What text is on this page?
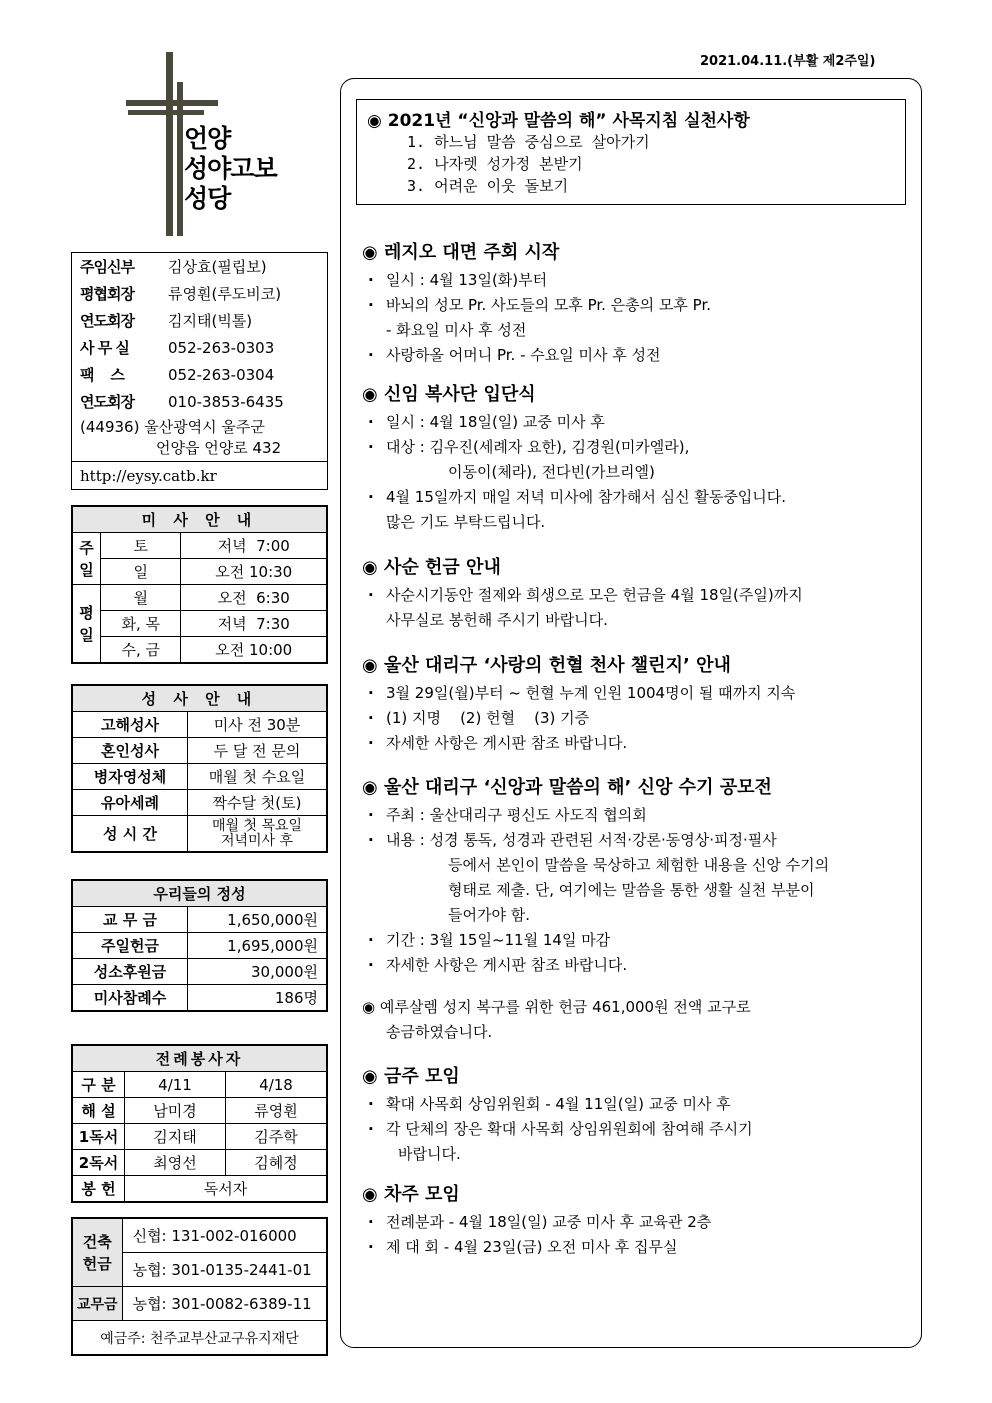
2021.04.11.(부활 제2주일)
언양
성야고보
성당
주임신부	김상효(필립보)
평협회장	류영훤(루도비코)
연도회장	김지태(빅톨)
사 무 실	052-263-0303
팩    스	052-263-0304
연도회장	010-3853-6435
(44936) 울산광역시 울주군
언양읍 언양로 432
http://eysy.catb.kr
미 사 안 내		

주일	토	저녁  7:00
	일	오전 10:30

평일	월	오전  6:30
	화, 목	저녁  7:30
	수, 금	오전 10:00
성 사 안 내	
고해성사	미사 전 30분
혼인성사	두 달 전 문의
병자영성체	매월 첫 수요일
유아세례	짝수달 첫(토)
성 시 간	매월 첫 목요일
저녁미사 후
우리들의 정성	
교 무 금	1,650,000원
주일헌금	1,695,000원
성소후원금	30,000원
미사참례수	186명
전례봉사자		
구 분	4/11	4/18
해 설	남미경	류영훤
1독서	김지태	김주학
2독서	최영선	김혜정
봉 헌	독서자	
건축헌금	신협: 131-002-016000
	농협: 301-0135-2441-01
교무금	농협: 301-0082-6389-11
예금주: 천주교부산교구유지재단	
◉ 2021년 “신앙과 말씀의 해” 사목지침 실천사항
1. 하느님 말씀 중심으로 살아가기
2. 나자렛 성가정 본받기
3. 어려운 이웃 돌보기
◉ 레지오 대면 주회 시작
· 일시 : 4월 13일(화)부터
· 바뇌의 성모 Pr. 사도들의 모후 Pr. 은총의 모후 Pr.
- 화요일 미사 후 성전
· 사랑하올 어머니 Pr. - 수요일 미사 후 성전
◉ 신임 복사단 입단식
· 일시 : 4월 18일(일) 교중 미사 후
· 대상 : 김우진(세례자 요한), 김경원(미카엘라),
이동이(체라), 전다빈(가브리엘)
· 4월 15일까지 매일 저녁 미사에 참가해서 심신 활동중입니다.
많은 기도 부탁드립니다.
◉ 사순 헌금 안내
· 사순시기동안 절제와 희생으로 모은 헌금을 4월 18일(주일)까지
사무실로 봉헌해 주시기 바랍니다.
◉ 울산 대리구 ‘사랑의 헌혈 천사 챌린지’ 안내
· 3월 29일(월)부터 ~ 헌혈 누계 인원 1004명이 될 때까지 지속
· (1) 지명    (2) 헌혈    (3) 기증
· 자세한 사항은 게시판 참조 바랍니다.
◉ 울산 대리구 ‘신앙과 말씀의 해’ 신앙 수기 공모전
· 주최 : 울산대리구 평신도 사도직 협의회
· 내용 : 성경 통독, 성경과 관련된 서적·강론·동영상·피정·필사
등에서 본인이 말씀을 묵상하고 체험한 내용을 신앙 수기의
형태로 제출. 단, 여기에는 말씀을 통한 생활 실천 부분이
들어가야 함.
· 기간 : 3월 15일~11월 14일 마감
· 자세한 사항은 게시판 참조 바랍니다.
◉ 예루살렘 성지 복구를 위한 헌금 461,000원 전액 교구로
송금하였습니다.
◉ 금주 모임
· 확대 사목회 상임위원회 - 4월 11일(일) 교중 미사 후
· 각 단체의 장은 확대 사목회 상임위원회에 참여해 주시기
바랍니다.
◉ 차주 모임
· 전례분과 - 4월 18일(일) 교중 미사 후 교육관 2층
· 제 대 회 - 4월 23일(금) 오전 미사 후 집무실
